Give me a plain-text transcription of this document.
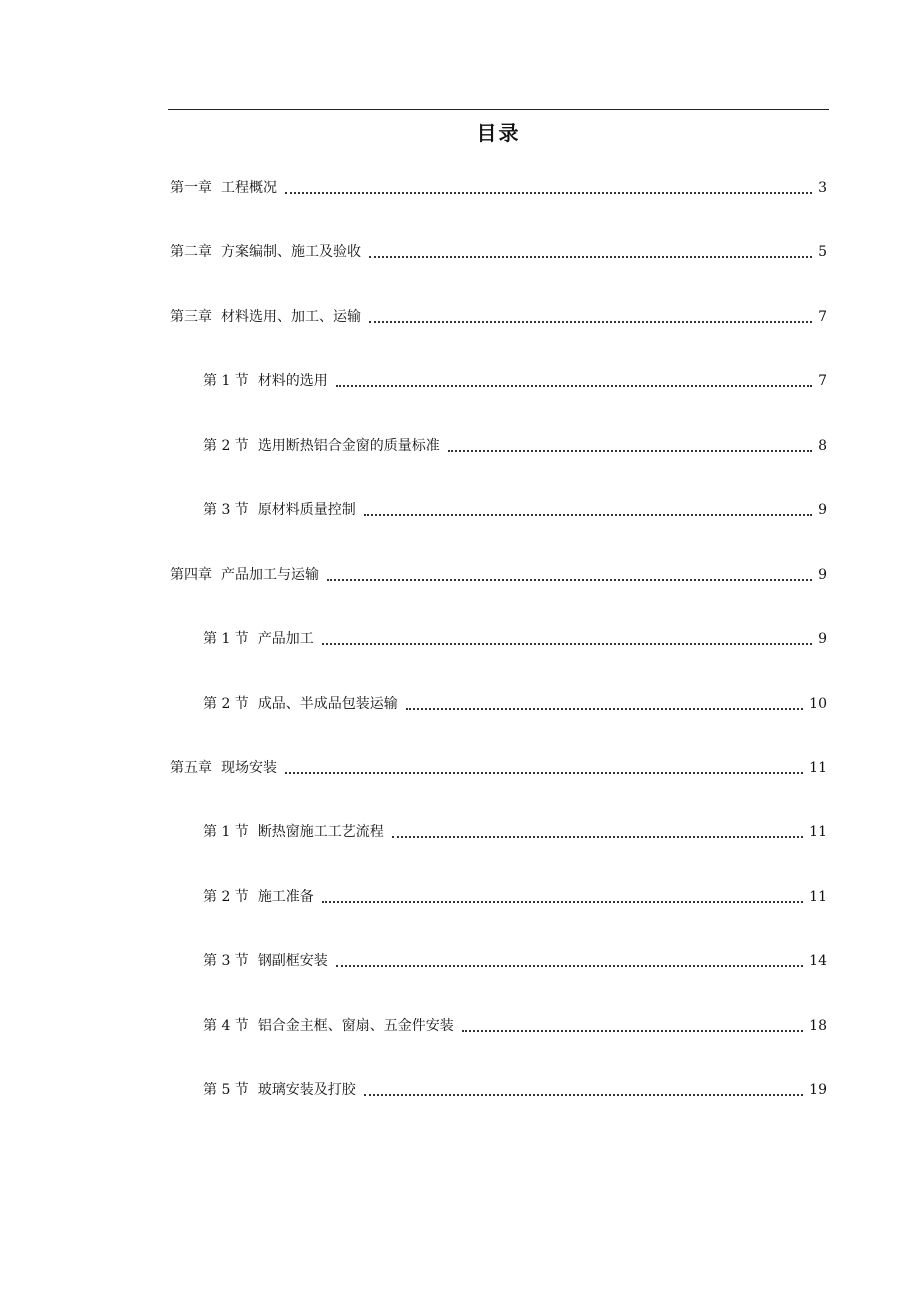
目录
第一章 工程概况	3
第二章 方案编制、施工及验收	5
第三章 材料选用、加工、运输	7
第 1 节 材料的选用	7
第 2 节 选用断热铝合金窗的质量标准	8
第 3 节 原材料质量控制	9
第四章 产品加工与运输	9
第 1 节 产品加工	9
第 2 节 成品、半成品包装运输	10
第五章 现场安装	11
第 1 节 断热窗施工工艺流程	11
第 2 节 施工准备	11
第 3 节 钢副框安装	14
第 4 节 铝合金主框、窗扇、五金件安装	18
第 5 节 玻璃安装及打胶	19
